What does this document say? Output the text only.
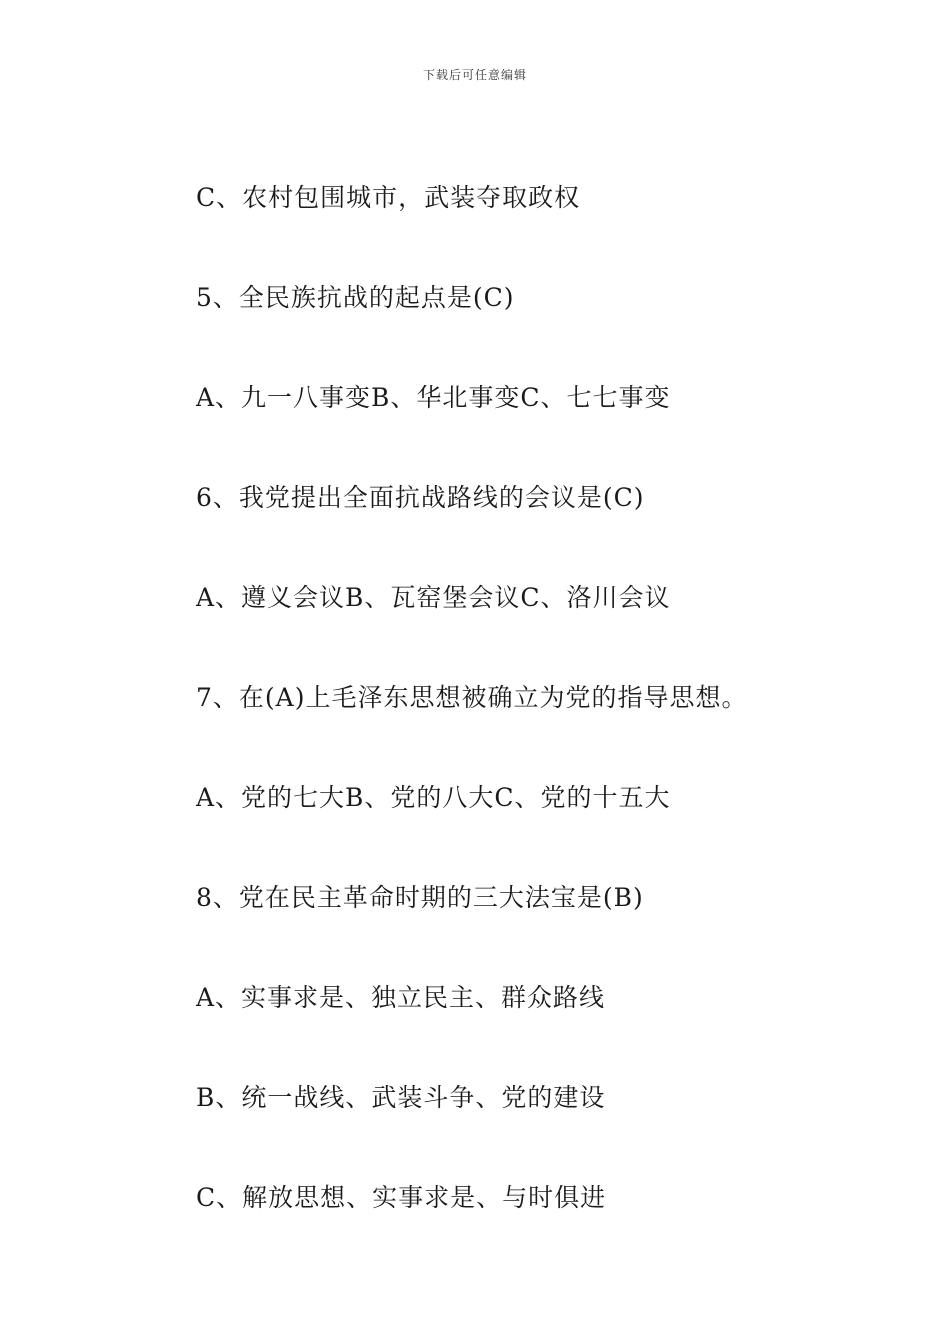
下载后可任意编辑
C、农村包围城市，武装夺取政权
5、全民族抗战的起点是(C)
A、九一八事变B、华北事变C、七七事变
6、我党提出全面抗战路线的会议是(C)
A、遵义会议B、瓦窑堡会议C、洛川会议
7、在(A)上毛泽东思想被确立为党的指导思想。
A、党的七大B、党的八大C、党的十五大
8、党在民主革命时期的三大法宝是(B)
A、实事求是、独立民主、群众路线
B、统一战线、武装斗争、党的建设
C、解放思想、实事求是、与时俱进
